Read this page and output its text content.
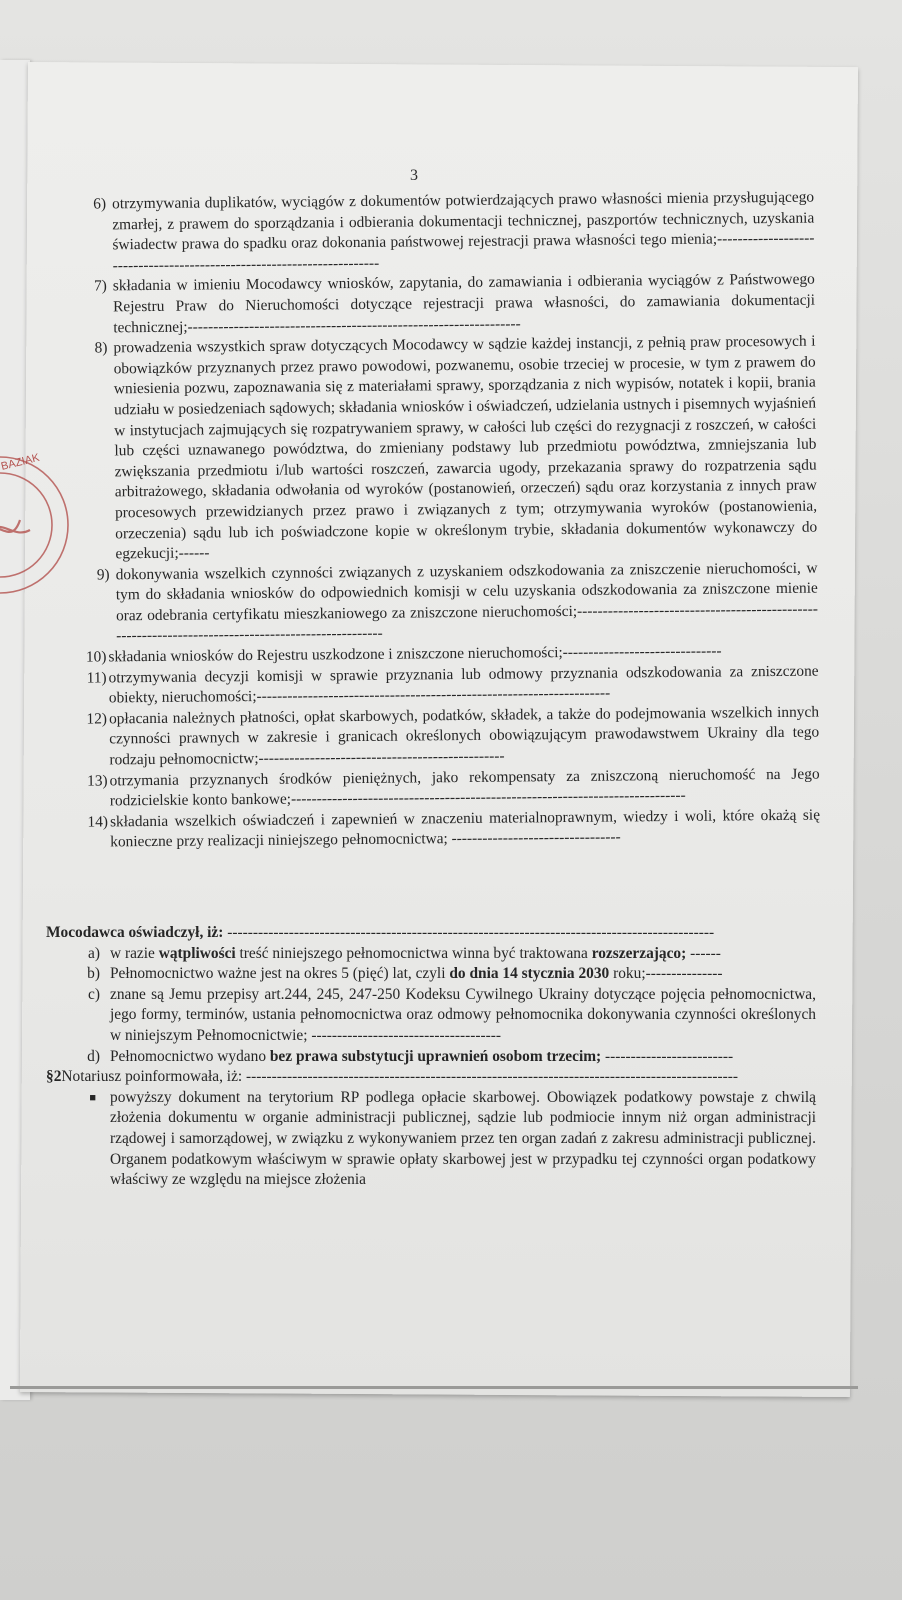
3
BAZIAK
6) otrzymywania duplikatów, wyciągów z dokumentów potwierdzających prawo własności mienia przysługującego zmarłej, z prawem do sporządzania i odbierania dokumentacji technicznej, paszportów technicznych, uzyskania świadectw prawa do spadku oraz dokonania państwowej rejestracji prawa własności tego mienia;-----------------------------------------------------------------------
7) składania w imieniu Mocodawcy wniosków, zapytania, do zamawiania i odbierania wyciągów z Państwowego Rejestru Praw do Nieruchomości dotyczące rejestracji prawa własności, do zamawiania dokumentacji technicznej;-----------------------------------------------------------------
8) prowadzenia wszystkich spraw dotyczących Mocodawcy w sądzie każdej instancji, z pełnią praw procesowych i obowiązków przyznanych przez prawo powodowi, pozwanemu, osobie trzeciej w procesie, w tym z prawem do wniesienia pozwu, zapoznawania się z materiałami sprawy, sporządzania z nich wypisów, notatek i kopii, brania udziału w posiedzeniach sądowych; składania wniosków i oświadczeń, udzielania ustnych i pisemnych wyjaśnień w instytucjach zajmujących się rozpatrywaniem sprawy, w całości lub części do rezygnacji z roszczeń, w całości lub części uznawanego powództwa, do zmieniany podstawy lub przedmiotu powództwa, zmniejszania lub zwiększania przedmiotu i/lub wartości roszczeń, zawarcia ugody, przekazania sprawy do rozpatrzenia sądu arbitrażowego, składania odwołania od wyroków (postanowień, orzeczeń) sądu oraz korzystania z innych praw procesowych przewidzianych przez prawo i związanych z tym; otrzymywania wyroków (postanowienia, orzeczenia) sądu lub ich poświadczone kopie w określonym trybie, składania dokumentów wykonawczy do egzekucji;------
9) dokonywania wszelkich czynności związanych z uzyskaniem odszkodowania za zniszczenie nieruchomości, w tym do składania wniosków do odpowiednich komisji w celu uzyskania odszkodowania za zniszczone mienie oraz odebrania certyfikatu mieszkaniowego za zniszczone nieruchomości;---------------------------------------------------------------------------------------------------
10) składania wniosków do Rejestru uszkodzone i zniszczone nieruchomości;-------------------------------
11) otrzymywania decyzji komisji w sprawie przyznania lub odmowy przyznania odszkodowania za zniszczone obiekty, nieruchomości;---------------------------------------------------------------------
12) opłacania należnych płatności, opłat skarbowych, podatków, składek, a także do podejmowania wszelkich innych czynności prawnych w zakresie i granicach określonych obowiązującym prawodawstwem Ukrainy dla tego rodzaju pełnomocnictw;------------------------------------------------
13) otrzymania przyznanych środków pieniężnych, jako rekompensaty za zniszczoną nieruchomość na Jego rodzicielskie konto bankowe;-----------------------------------------------------------------------------
14) składania wszelkich oświadczeń i zapewnień w znaczeniu materialnoprawnym, wiedzy i woli, które okażą się konieczne przy realizacji niniejszego pełnomocnictwa; ---------------------------------
Mocodawca oświadczył, iż: -----------------------------------------------------------------------------------------------
a) w razie wątpliwości treść niniejszego pełnomocnictwa winna być traktowana rozszerzająco; ------
b) Pełnomocnictwo ważne jest na okres 5 (pięć) lat, czyli do dnia 14 stycznia 2030 roku;---------------
c) znane są Jemu przepisy art.244, 245, 247-250 Kodeksu Cywilnego Ukrainy dotyczące pojęcia pełnomocnictwa, jego formy, terminów, ustania pełnomocnictwa oraz odmowy pełnomocnika dokonywania czynności określonych w niniejszym Pełnomocnictwie; -------------------------------------
d) Pełnomocnictwo wydano bez prawa substytucji uprawnień osobom trzecim; -------------------------
§2 Notariusz poinformowała, iż: ------------------------------------------------------------------------------------------------
■ powyższy dokument na terytorium RP podlega opłacie skarbowej. Obowiązek podatkowy powstaje z chwilą złożenia dokumentu w organie administracji publicznej, sądzie lub podmiocie innym niż organ administracji rządowej i samorządowej, w związku z wykonywaniem przez ten organ zadań z zakresu administracji publicznej. Organem podatkowym właściwym w sprawie opłaty skarbowej jest w przypadku tej czynności organ podatkowy właściwy ze względu na miejsce złożenia
